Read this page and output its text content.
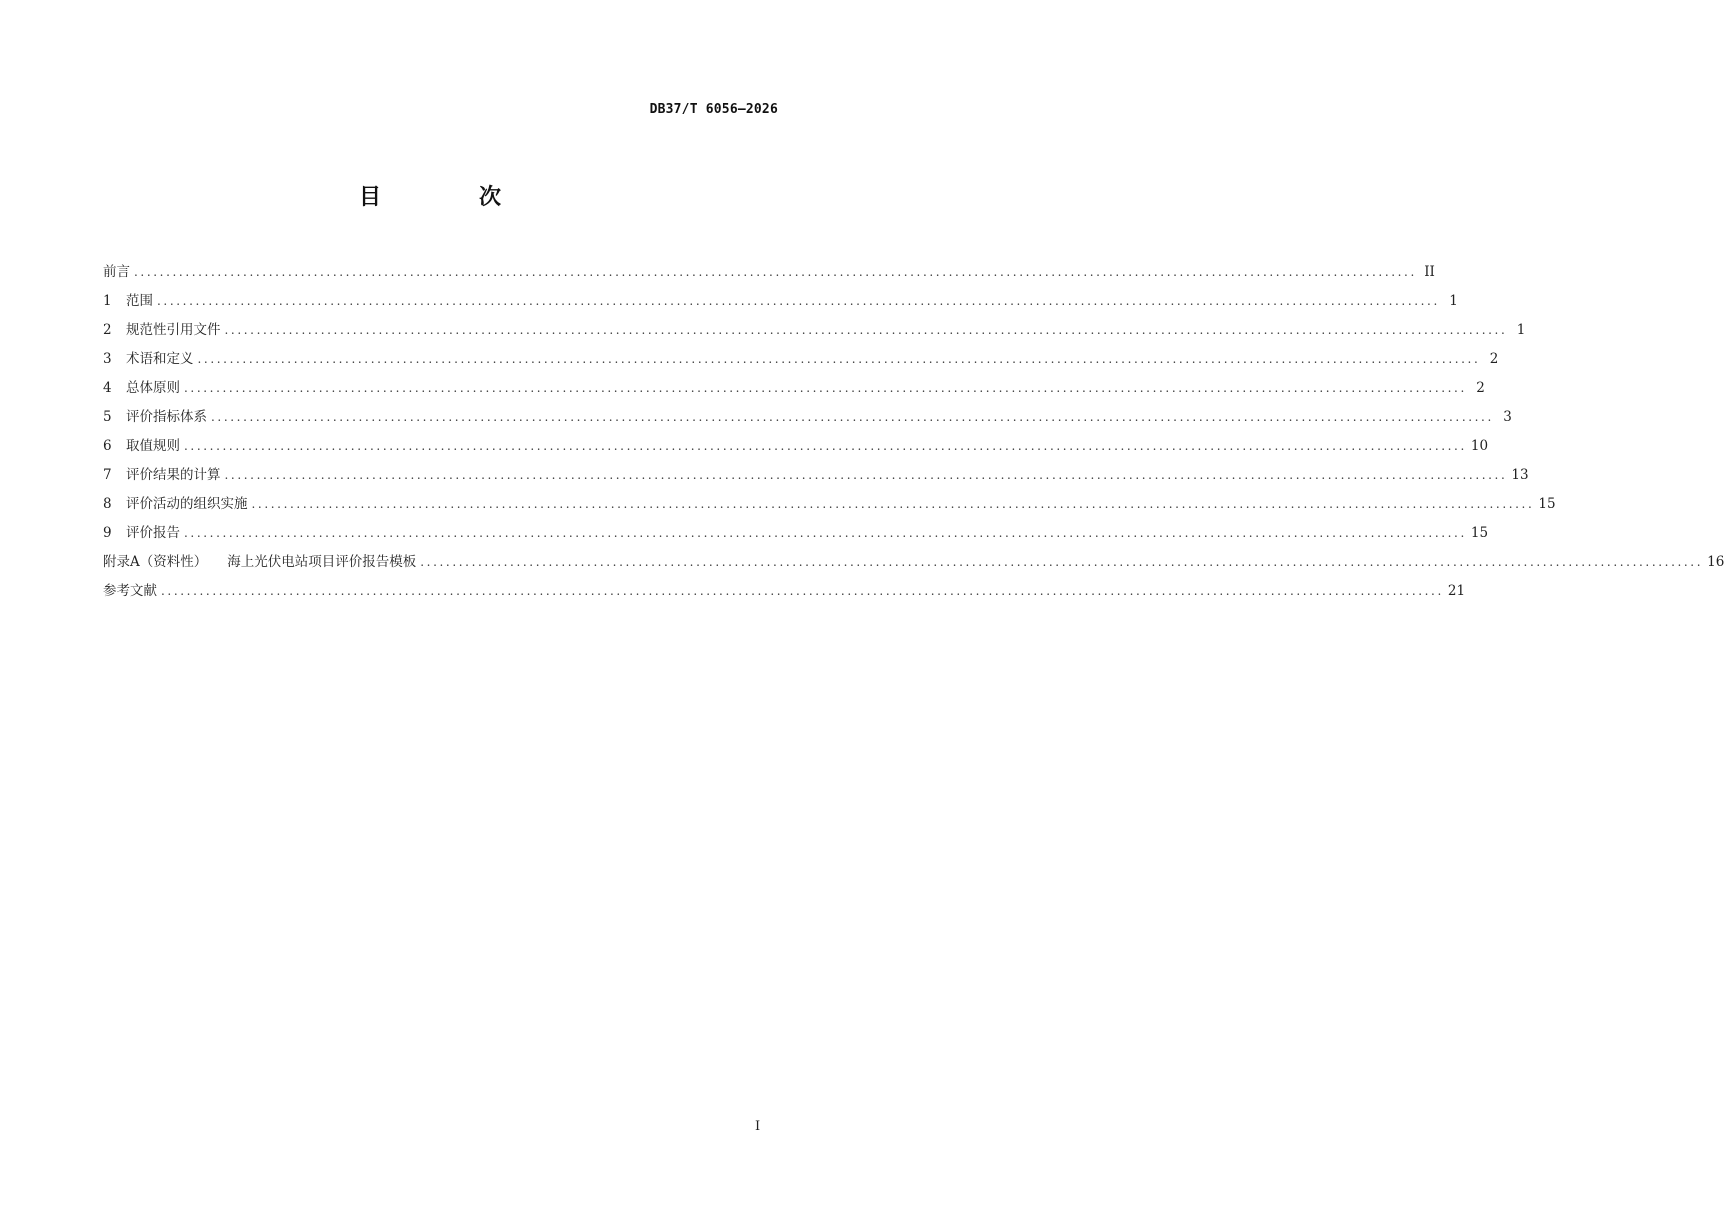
DB37/T 6056—2026
目　次
前言 ........................................................................................................................................................................................................ II
1	范围 ........................................................................................................................................................................................................ 1
2	规范性引用文件 ........................................................................................................................................................................................................ 1
3	术语和定义 ........................................................................................................................................................................................................ 2
4	总体原则 ........................................................................................................................................................................................................ 2
5	评价指标体系 ........................................................................................................................................................................................................ 3
6	取值规则 ........................................................................................................................................................................................................ 10
7	评价结果的计算 ........................................................................................................................................................................................................ 13
8	评价活动的组织实施 ........................................................................................................................................................................................................ 15
9	评价报告 ........................................................................................................................................................................................................ 15
附录A（资料性） 海上光伏电站项目评价报告模板 ........................................................................................................................................................................................................ 16
参考文献 ........................................................................................................................................................................................................ 21
I
